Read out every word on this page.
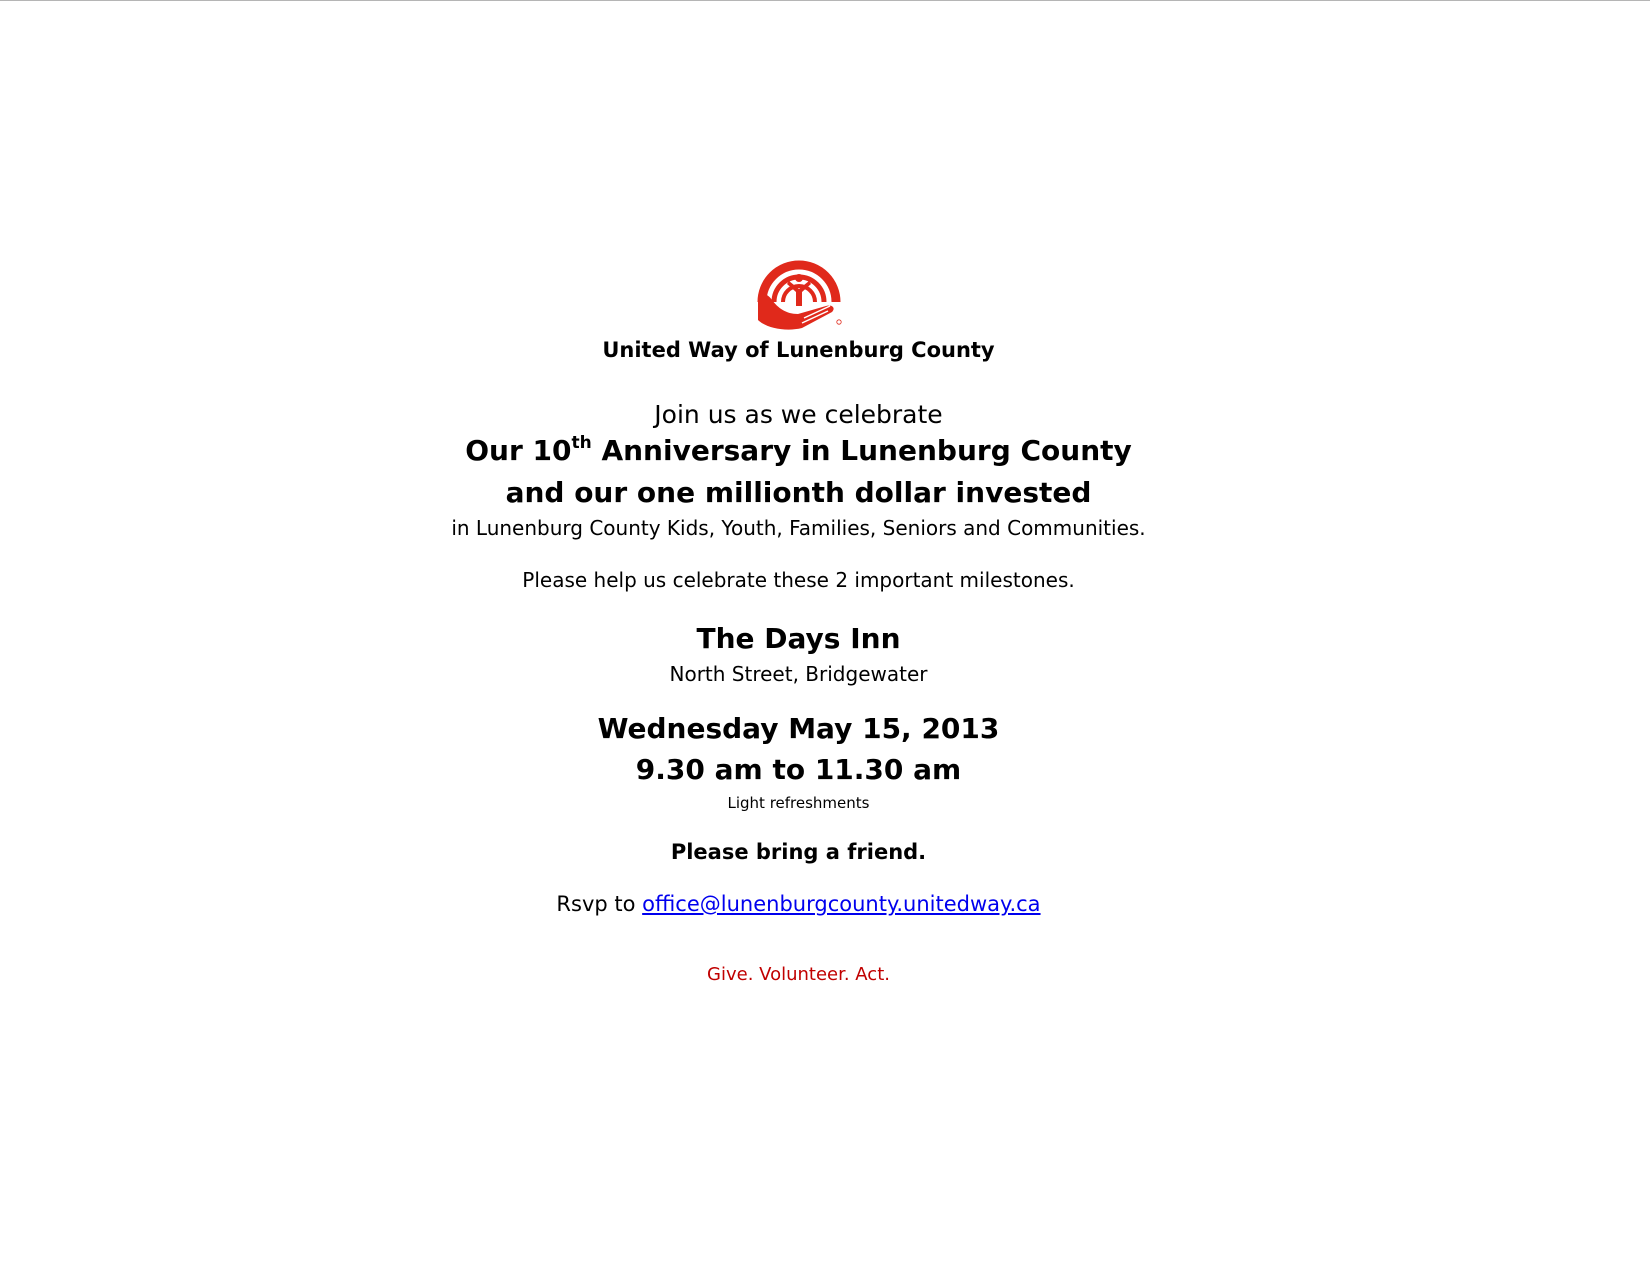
United Way of Lunenburg County
Join us as we celebrate
Our 10th Anniversary in Lunenburg County
and our one millionth dollar invested
in Lunenburg County Kids, Youth, Families, Seniors and Communities.
Please help us celebrate these 2 important milestones.
The Days Inn
North Street, Bridgewater
Wednesday May 15, 2013
9.30 am to 11.30 am
Light refreshments
Please bring a friend.
Rsvp to office@lunenburgcounty.unitedway.ca
Give. Volunteer. Act.
